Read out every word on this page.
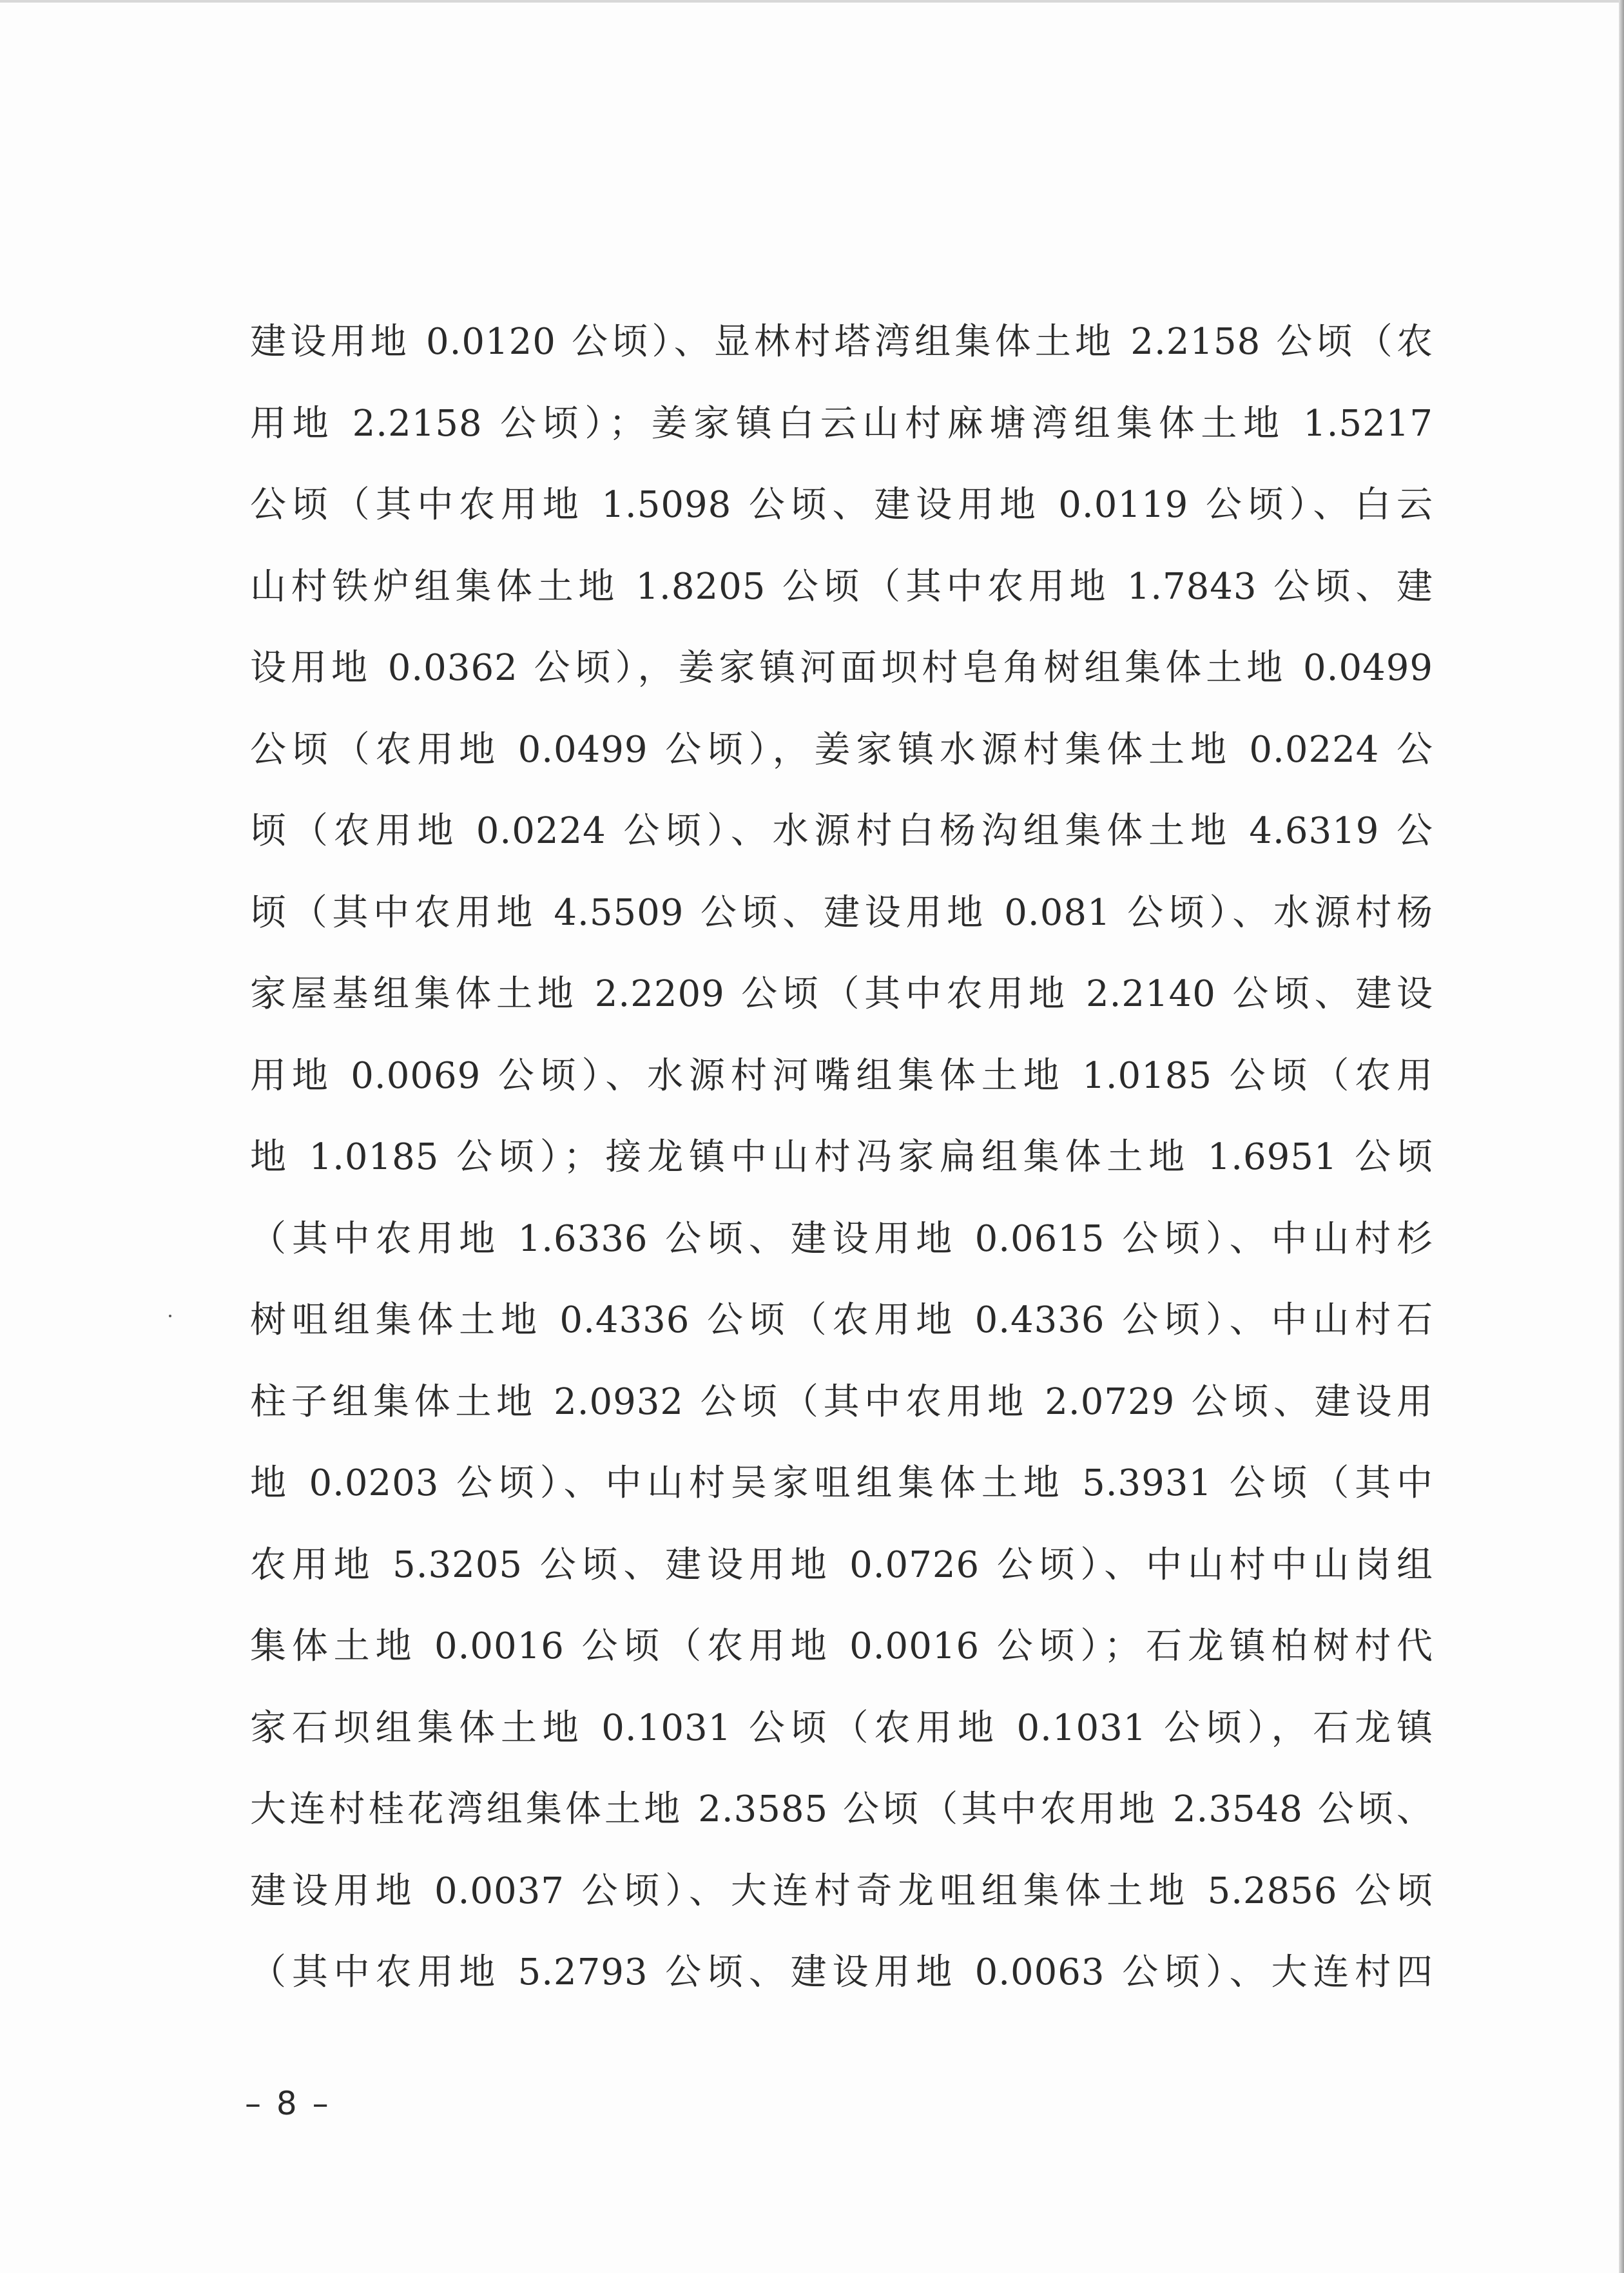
建设用地 0.0120 公顷）、显林村塔湾组集体土地 2.2158 公顷（农
用地 2.2158 公顷）；姜家镇白云山村麻塘湾组集体土地 1.5217
公顷（其中农用地 1.5098 公顷、建设用地 0.0119 公顷）、白云
山村铁炉组集体土地 1.8205 公顷（其中农用地 1.7843 公顷、建
设用地 0.0362 公顷），姜家镇河面坝村皂角树组集体土地 0.0499
公顷（农用地 0.0499 公顷），姜家镇水源村集体土地 0.0224 公
顷（农用地 0.0224 公顷）、水源村白杨沟组集体土地 4.6319 公
顷（其中农用地 4.5509 公顷、建设用地 0.081 公顷）、水源村杨
家屋基组集体土地 2.2209 公顷（其中农用地 2.2140 公顷、建设
用地 0.0069 公顷）、水源村河嘴组集体土地 1.0185 公顷（农用
地 1.0185 公顷）；接龙镇中山村冯家扁组集体土地 1.6951 公顷
（其中农用地 1.6336 公顷、建设用地 0.0615 公顷）、中山村杉
树咀组集体土地 0.4336 公顷（农用地 0.4336 公顷）、中山村石
柱子组集体土地 2.0932 公顷（其中农用地 2.0729 公顷、建设用
地 0.0203 公顷）、中山村吴家咀组集体土地 5.3931 公顷（其中
农用地 5.3205 公顷、建设用地 0.0726 公顷）、中山村中山岗组
集体土地 0.0016 公顷（农用地 0.0016 公顷）；石龙镇柏树村代
家石坝组集体土地 0.1031 公顷（农用地 0.1031 公顷），石龙镇
大连村桂花湾组集体土地 2.3585 公顷（其中农用地 2.3548 公顷、
建设用地 0.0037 公顷）、大连村奇龙咀组集体土地 5.2856 公顷
（其中农用地 5.2793 公顷、建设用地 0.0063 公顷）、大连村四
– 8 –
